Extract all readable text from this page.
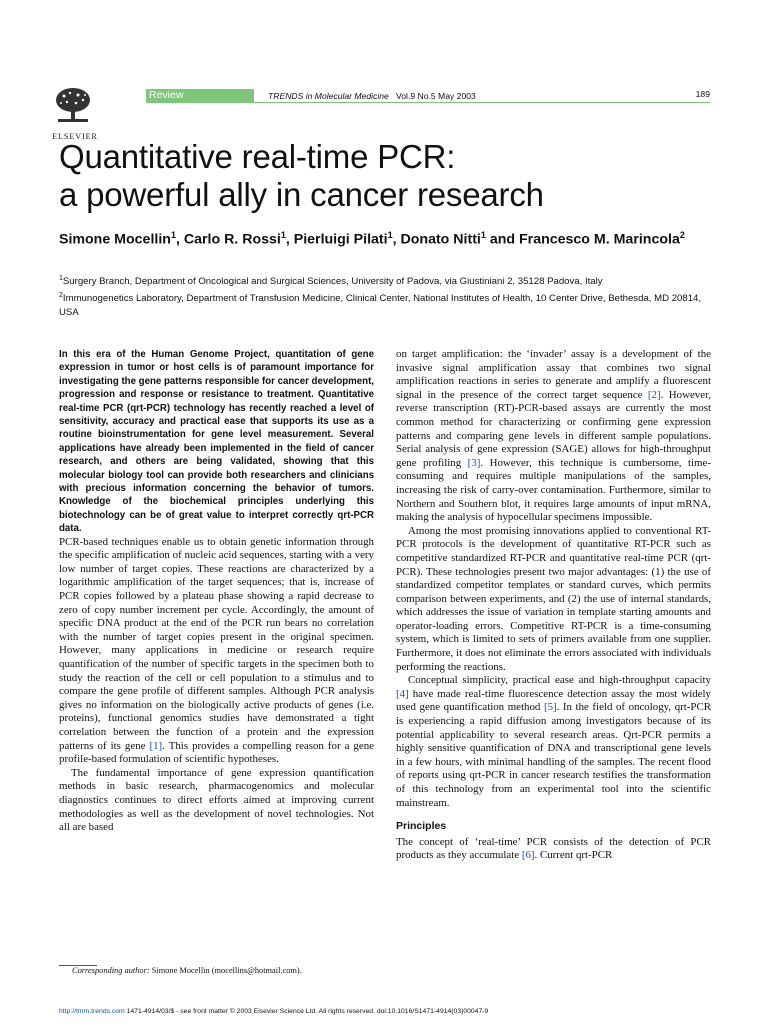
ELSEVIER
Review	TRENDS in Molecular Medicine Vol.9 No.5 May 2003	189
Quantitative real-time PCR:
a powerful ally in cancer research
Simone Mocellin$^1$, Carlo R. Rossi$^1$, Pierluigi Pilati$^1$, Donato Nitti$^1$ and Francesco M. Marincola$^2$
$^1$Surgery Branch, Department of Oncological and Surgical Sciences, University of Padova, via Giustiniani 2, 35128 Padova, Italy
$^2$Immunogenetics Laboratory, Department of Transfusion Medicine, Clinical Center, National Institutes of Health, 10 Center Drive, Bethesda, MD 20814, USA

In this era of the Human Genome Project, quantitation of gene expression in tumor or host cells is of paramount importance for investigating the gene patterns responsible for cancer development, progression and response or resistance to treatment. Quantitative real-time PCR (qrt-PCR) technology has recently reached a level of sensitivity, accuracy and practical ease that supports its use as a routine bioinstrumentation for gene level measurement. Several applications have already been implemented in the field of cancer research, and others are being validated, showing that this molecular biology tool can provide both researchers and clinicians with precious information concerning the behavior of tumors. Knowledge of the biochemical principles underlying this biotechnology can be of great value to interpret correctly qrt-PCR data.

PCR-based techniques enable us to obtain genetic information through the specific amplification of nucleic acid sequences, starting with a very low number of target copies. These reactions are characterized by a logarithmic amplification of the target sequences; that is, increase of PCR copies followed by a plateau phase showing a rapid decrease to zero of copy number increment per cycle. Accordingly, the amount of specific DNA product at the end of the PCR run bears no correlation with the number of target copies present in the original specimen. However, many applications in medicine or research require quantification of the number of specific targets in the specimen both to study the reaction of the cell or cell population to a stimulus and to compare the gene profile of different samples. Although PCR analysis gives no information on the biologically active products of genes (i.e. proteins), functional genomics studies have demonstrated a tight correlation between the function of a protein and the expression patterns of its gene [1]. This provides a compelling reason for a gene profile-based formulation of scientific hypotheses.

The fundamental importance of gene expression quantification methods in basic research, pharmacogenomics and molecular diagnostics continues to direct efforts aimed at improving current methodologies as well as the development of novel technologies. Not all are based

on target amplification: the ‘invader’ assay is a development of the invasive signal amplification assay that combines two signal amplification reactions in series to generate and amplify a fluorescent signal in the presence of the correct target sequence [2]. However, reverse transcription (RT)-PCR-based assays are currently the most common method for characterizing or confirming gene expression patterns and comparing gene levels in different sample populations. Serial analysis of gene expression (SAGE) allows for high-throughput gene profiling [3]. However, this technique is cumbersome, time-consuming and requires multiple manipulations of the samples, increasing the risk of carry-over contamination. Furthermore, similar to Northern and Southern blot, it requires large amounts of input mRNA, making the analysis of hypocellular specimens impossible.

Among the most promising innovations applied to conventional RT-PCR protocols is the development of quantitative RT-PCR such as competitive standardized RT-PCR and quantitative real-time PCR (qrt-PCR). These technologies present two major advantages: (1) the use of standardized competitor templates or standard curves, which permits comparison between experiments, and (2) the use of internal standards, which addresses the issue of variation in template starting amounts and operator-loading errors. Competitive RT-PCR is a time-consuming system, which is limited to sets of primers available from one supplier. Furthermore, it does not eliminate the errors associated with individuals performing the reactions.

Conceptual simplicity, practical ease and high-throughput capacity [4] have made real-time fluorescence detection assay the most widely used gene quantification method [5]. In the field of oncology, qrt-PCR is experiencing a rapid diffusion among investigators because of its potential applicability to several research areas. Qrt-PCR permits a highly sensitive quantification of DNA and transcriptional gene levels in a few hours, with minimal handling of the samples. The recent flood of reports using qrt-PCR in cancer research testifies the transformation of this technology from an experimental tool into the scientific mainstream.

Principles

The concept of ‘real-time’ PCR consists of the detection of PCR products as they accumulate [6]. Current qrt-PCR

Corresponding author: Simone Mocellin (mocellins@hotmail.com).
http://tmm.trends.com 1471-4914/03/$ - see front matter © 2003 Elsevier Science Ltd. All rights reserved. doi:10.1016/S1471-4914(03)00047-9
